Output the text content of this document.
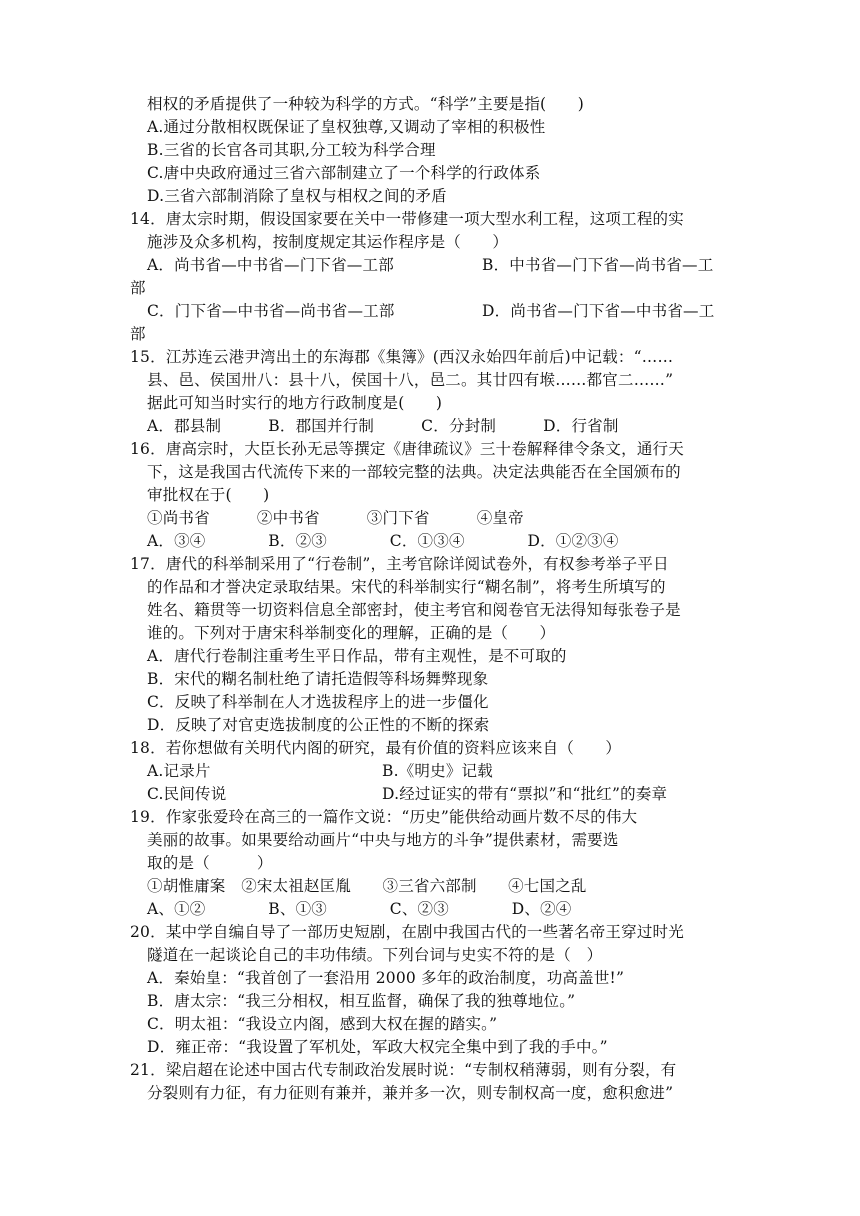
相权的矛盾提供了一种较为科学的方式。“科学”主要是指(　　)
A.通过分散相权既保证了皇权独尊,又调动了宰相的积极性
B.三省的长官各司其职,分工较为科学合理
C.唐中央政府通过三省六部制建立了一个科学的行政体系
D.三省六部制消除了皇权与相权之间的矛盾
14．唐太宗时期，假设国家要在关中一带修建一项大型水利工程，这项工程的实
施涉及众多机构，按制度规定其运作程序是（　　）
A．尚书省—中书省—门下省—工部	B．中书省—门下省—尚书省—工
部
C．门下省—中书省—尚书省—工部	D．尚书省—门下省—中书省—工
部
15．江苏连云港尹湾出土的东海郡《集簿》(西汉永始四年前后)中记载：“……
县、邑、侯国卅八：县十八，侯国十八，邑二。其廿四有堠……都官二……”
据此可知当时实行的地方行政制度是(　　)
A．郡县制　　　B．郡国并行制　　　C．分封制　　　D．行省制
16．唐高宗时，大臣长孙无忌等撰定《唐律疏议》三十卷解释律令条文，通行天
下，这是我国古代流传下来的一部较完整的法典。决定法典能否在全国颁布的
审批权在于(　　)
①尚书省　　　②中书省　　　③门下省　　　④皇帝
A．③④　　　　B．②③　　　　C．①③④　　　　D．①②③④
17．唐代的科举制采用了“行卷制”，主考官除详阅试卷外，有权参考举子平日
的作品和才誉决定录取结果。宋代的科举制实行“糊名制”，将考生所填写的
姓名、籍贯等一切资料信息全部密封，使主考官和阅卷官无法得知每张卷子是
谁的。下列对于唐宋科举制变化的理解，正确的是（　　）
A．唐代行卷制注重考生平日作品，带有主观性，是不可取的
B．宋代的糊名制杜绝了请托造假等科场舞弊现象
C．反映了科举制在人才选拔程序上的进一步僵化
D．反映了对官吏选拔制度的公正性的不断的探索
18．若你想做有关明代内阁的研究，最有价值的资料应该来自（　　）
A.记录片	B.《明史》记载
C.民间传说	D.经过证实的带有“票拟”和“批红”的奏章
19．作家张爱玲在高三的一篇作文说：“历史”能供给动画片数不尽的伟大
美丽的故事。如果要给动画片“中央与地方的斗争”提供素材，需要选
取的是（　　　）
①胡惟庸案　②宋太祖赵匡胤　　③三省六部制　　④七国之乱
A、①②　　　　B、①③　　　　C、②③　　　　D、②④
20．某中学自编自导了一部历史短剧，在剧中我国古代的一些著名帝王穿过时光
隧道在一起谈论自己的丰功伟绩。下列台词与史实不符的是（　）
A．秦始皇：“我首创了一套沿用 2000 多年的政治制度，功高盖世!”
B．唐太宗：“我三分相权，相互监督，确保了我的独尊地位。”
C．明太祖：“我设立内阁，感到大权在握的踏实。”
D．雍正帝：“我设置了军机处，军政大权完全集中到了我的手中。”
21．梁启超在论述中国古代专制政治发展时说：“专制权稍薄弱，则有分裂，有
分裂则有力征，有力征则有兼并，兼并多一次，则专制权高一度，愈积愈进”
